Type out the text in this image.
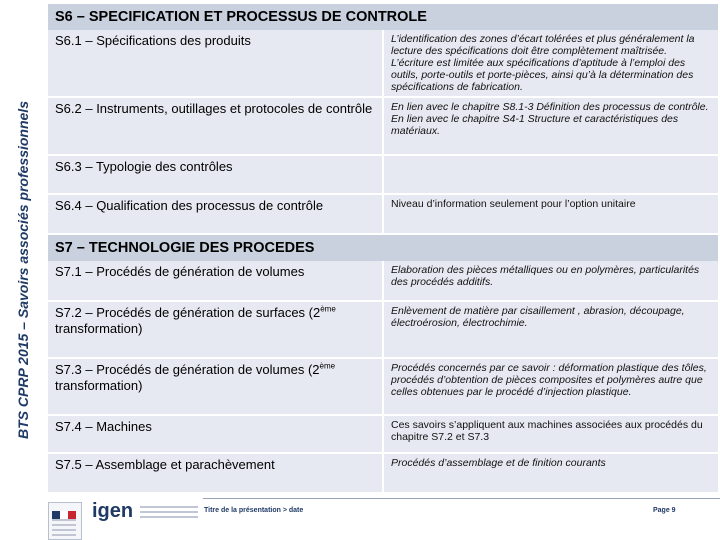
BTS CPRP 2015 – Savoirs associés professionnels
S6 – SPECIFICATION ET PROCESSUS DE CONTROLE	
S6.1 – Spécifications des produits	L’identification des zones d’écart tolérées et plus généralement la lecture des spécifications doit être complètement maîtrisée. L’écriture est limitée aux spécifications d’aptitude à l’emploi des outils, porte-outils et porte-pièces, ainsi qu’à la détermination des spécifications de fabrication.
S6.2 – Instruments, outillages et protocoles de contrôle	En lien avec le chapitre S8.1-3 Définition des processus de contrôle.
En lien avec le chapitre S4-1 Structure et caractéristiques des matériaux.

S6.3 – Typologie des contrôles	
S6.4 – Qualification des processus de contrôle	Niveau d’information seulement pour l’option unitaire
S7 – TECHNOLOGIE DES PROCEDES	
S7.1 – Procédés de génération de volumes	Elaboration des pièces métalliques ou en polymères, particularités des procédés additifs.
S7.2 – Procédés de génération de surfaces (2ème transformation)	Enlèvement de matière par cisaillement , abrasion, découpage, électroérosion, électrochimie.
S7.3 – Procédés de génération de volumes (2ème transformation)	Procédés concernés par ce savoir : déformation plastique des tôles, procédés d’obtention de pièces composites et polymères autre que celles obtenues par le procédé d’injection plastique.
S7.4 – Machines	Ces savoirs s’appliquent aux machines associées aux procédés du chapitre S7.2 et S7.3
S7.5 – Assemblage et parachèvement	Procédés d’assemblage et de finition courants
igen	Titre de la présentation > date	Page 9
